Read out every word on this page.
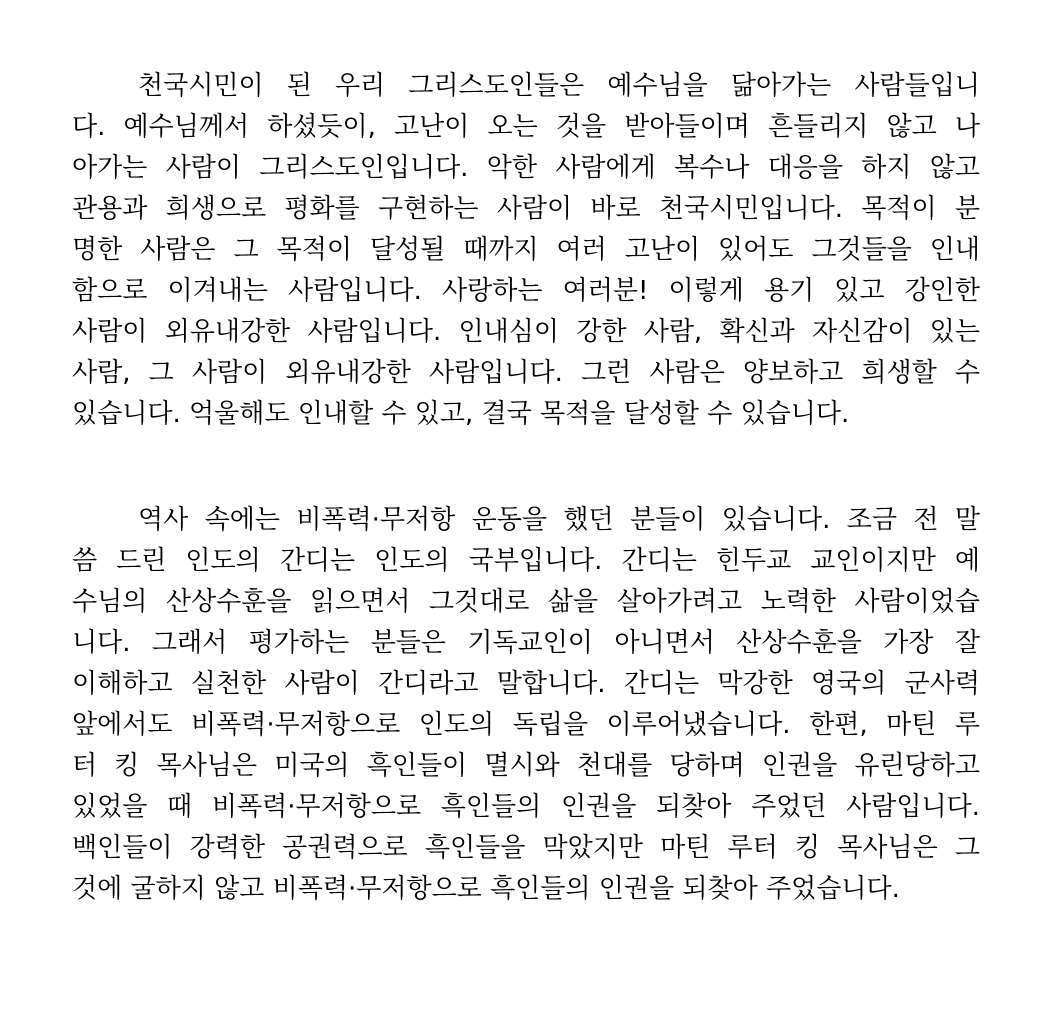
천국시민이 된 우리 그리스도인들은 예수님을 닮아가는 사람들입니
다. 예수님께서 하셨듯이, 고난이 오는 것을 받아들이며 흔들리지 않고 나
아가는 사람이 그리스도인입니다. 악한 사람에게 복수나 대응을 하지 않고
관용과 희생으로 평화를 구현하는 사람이 바로 천국시민입니다. 목적이 분
명한 사람은 그 목적이 달성될 때까지 여러 고난이 있어도 그것들을 인내
함으로 이겨내는 사람입니다. 사랑하는 여러분! 이렇게 용기 있고 강인한
사람이 외유내강한 사람입니다. 인내심이 강한 사람, 확신과 자신감이 있는
사람, 그 사람이 외유내강한 사람입니다. 그런 사람은 양보하고 희생할 수
있습니다. 억울해도 인내할 수 있고, 결국 목적을 달성할 수 있습니다.
역사 속에는 비폭력·무저항 운동을 했던 분들이 있습니다. 조금 전 말
씀 드린 인도의 간디는 인도의 국부입니다. 간디는 힌두교 교인이지만 예
수님의 산상수훈을 읽으면서 그것대로 삶을 살아가려고 노력한 사람이었습
니다. 그래서 평가하는 분들은 기독교인이 아니면서 산상수훈을 가장 잘
이해하고 실천한 사람이 간디라고 말합니다. 간디는 막강한 영국의 군사력
앞에서도 비폭력·무저항으로 인도의 독립을 이루어냈습니다. 한편, 마틴 루
터 킹 목사님은 미국의 흑인들이 멸시와 천대를 당하며 인권을 유린당하고
있었을 때 비폭력·무저항으로 흑인들의 인권을 되찾아 주었던 사람입니다.
백인들이 강력한 공권력으로 흑인들을 막았지만 마틴 루터 킹 목사님은 그
것에 굴하지 않고 비폭력·무저항으로 흑인들의 인권을 되찾아 주었습니다.
